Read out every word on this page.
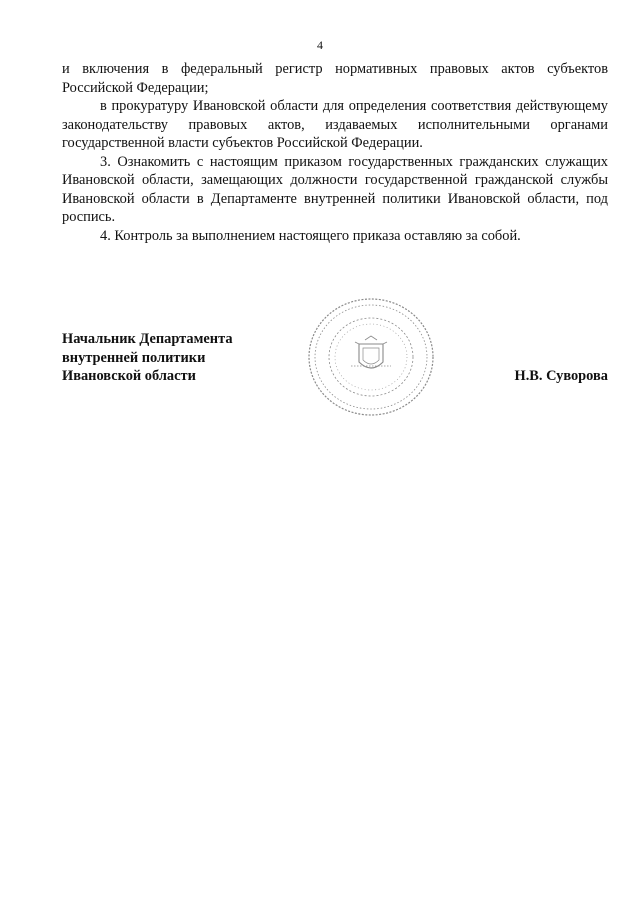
4

и включения в федеральный регистр нормативных правовых актов субъектов Российской Федерации;

в прокуратуру Ивановской области для определения соответствия действующему законодательству правовых актов, издаваемых исполнительными органами государственной власти субъектов Российской Федерации.

3. Ознакомить с настоящим приказом государственных гражданских служащих Ивановской области, замещающих должности государственной гражданской службы Ивановской области в Департаменте внутренней политики Ивановской области, под роспись.

4. Контроль за выполнением настоящего приказа оставляю за собой.

Начальник Департамента
внутренней политики
Ивановской области	Н.В. Суворова
